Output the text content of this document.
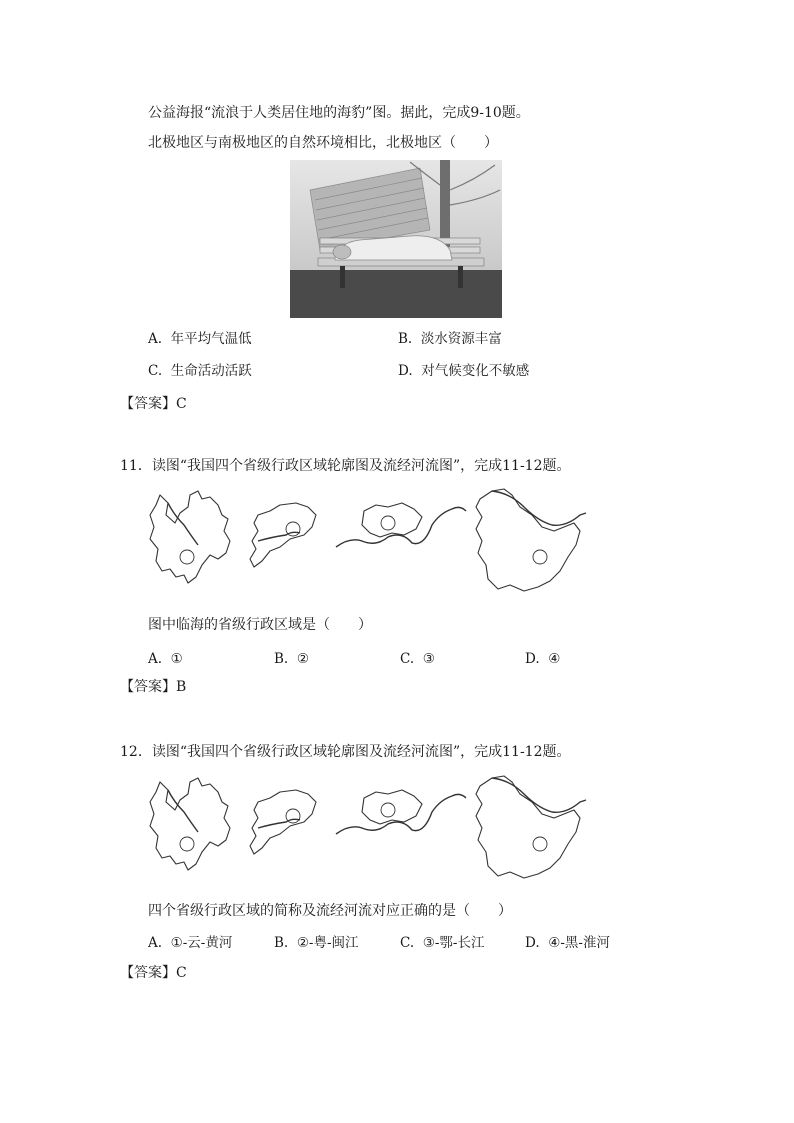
公益海报“流浪于人类居住地的海豹”图。据此，完成9-10题。
北极地区与南极地区的自然环境相比，北极地区（　　）
A. 年平均气温低	B. 淡水资源丰富
C. 生命活动活跃	D. 对气候变化不敏感
【答案】C
11．读图“我国四个省级行政区域轮廓图及流经河流图”，完成11-12题。
①
②	③
④
图中临海的省级行政区域是（　　）
A. ①	B. ②	C. ③	D. ④
【答案】B
12．读图“我国四个省级行政区域轮廓图及流经河流图”，完成11-12题。
①
②	③
④
四个省级行政区域的简称及流经河流对应正确的是（　　）
A. ①-云-黄河	B. ②-粤-闽江	C. ③-鄂-长江	D. ④-黑-淮河
【答案】C
